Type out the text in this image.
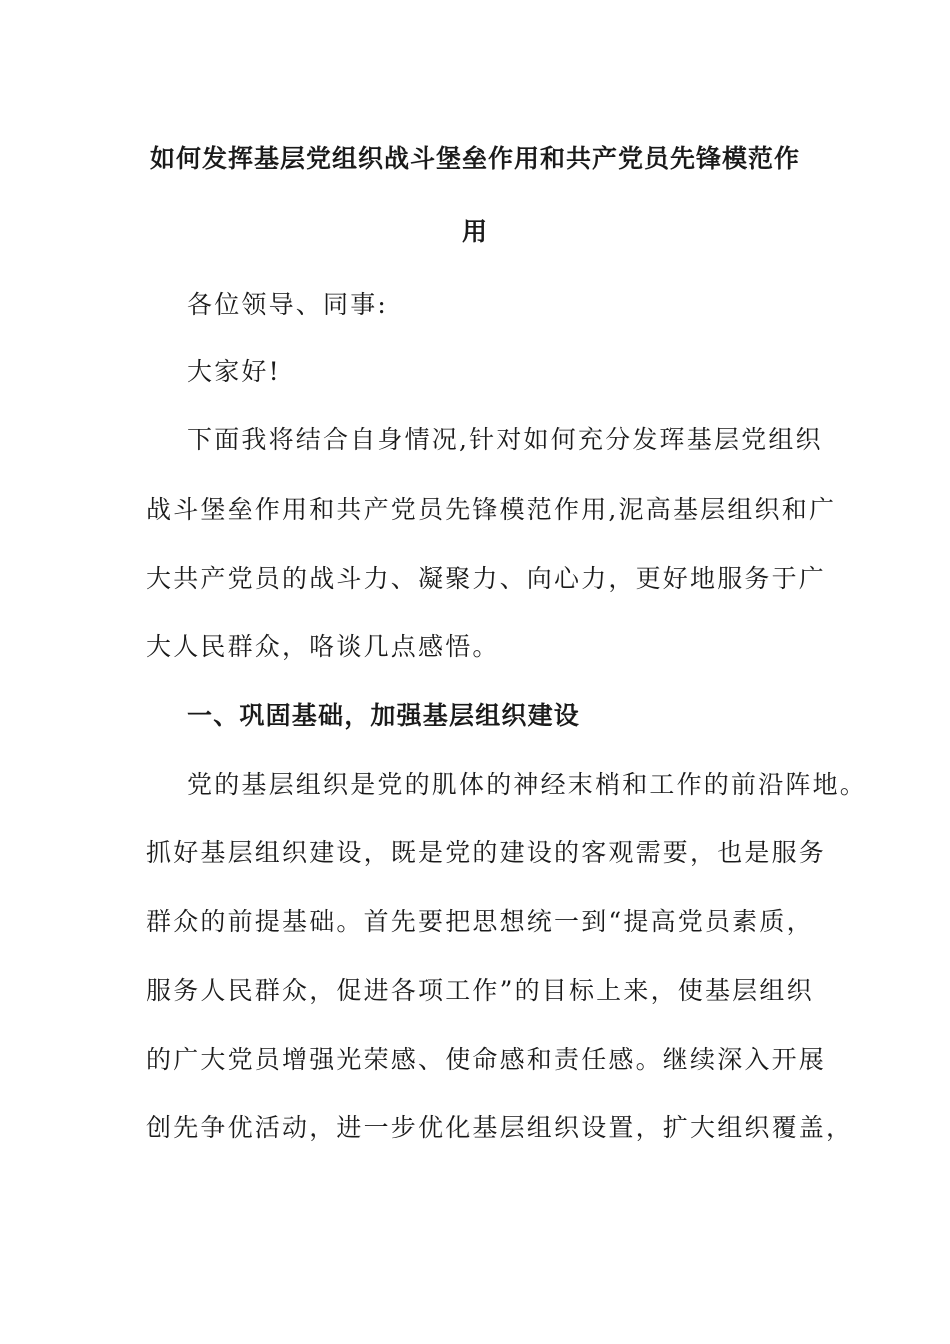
如何发挥基层党组织战斗堡垒作用和共产党员先锋模范作
用
各位领导、同事:
大家好!
下面我将结合自身情况,针对如何充分发珲基层党组织
战斗堡垒作用和共产党员先锋模范作用,泥高基层组织和广
大共产党员的战斗力、凝聚力、向心力，更好地服务于广
大人民群众，咯谈几点感悟。
一、巩固基础，加强基层组织建设
党的基层组织是党的肌体的神经末梢和工作的前沿阵地。
抓好基层组织建设，既是党的建设的客观需要，也是服务
群众的前提基础。首先要把思想统一到“提高党员素质，
服务人民群众，促进各项工作”的目标上来，使基层组织
的广大党员增强光荣感、使命感和责任感。继续深入开展
创先争优活动，进一步优化基层组织设置，扩大组织覆盖，
